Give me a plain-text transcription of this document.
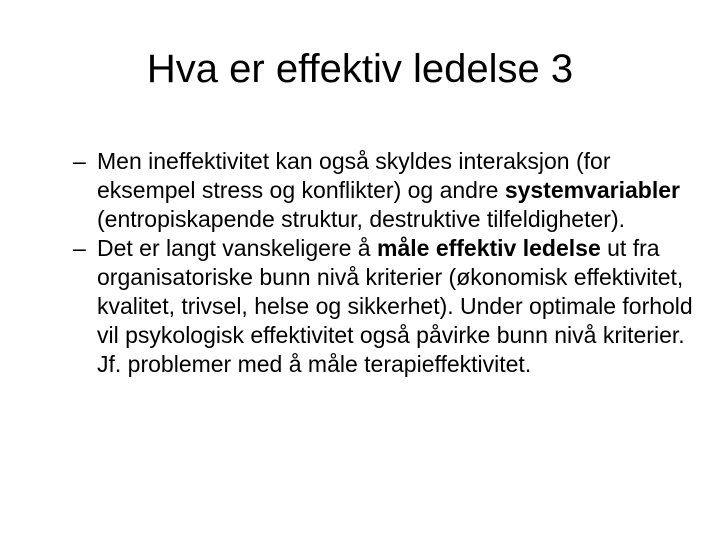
Hva er effektiv ledelse 3
– Men ineffektivitet kan også skyldes interaksjon (for eksempel stress og konflikter) og andre systemvariabler (entropiskapende struktur, destruktive tilfeldigheter).
– Det er langt vanskeligere å måle effektiv ledelse ut fra organisatoriske bunn nivå kriterier (økonomisk effektivitet, kvalitet, trivsel, helse og sikkerhet). Under optimale forhold vil psykologisk effektivitet også påvirke bunn nivå kriterier. Jf. problemer med å måle terapieffektivitet.
